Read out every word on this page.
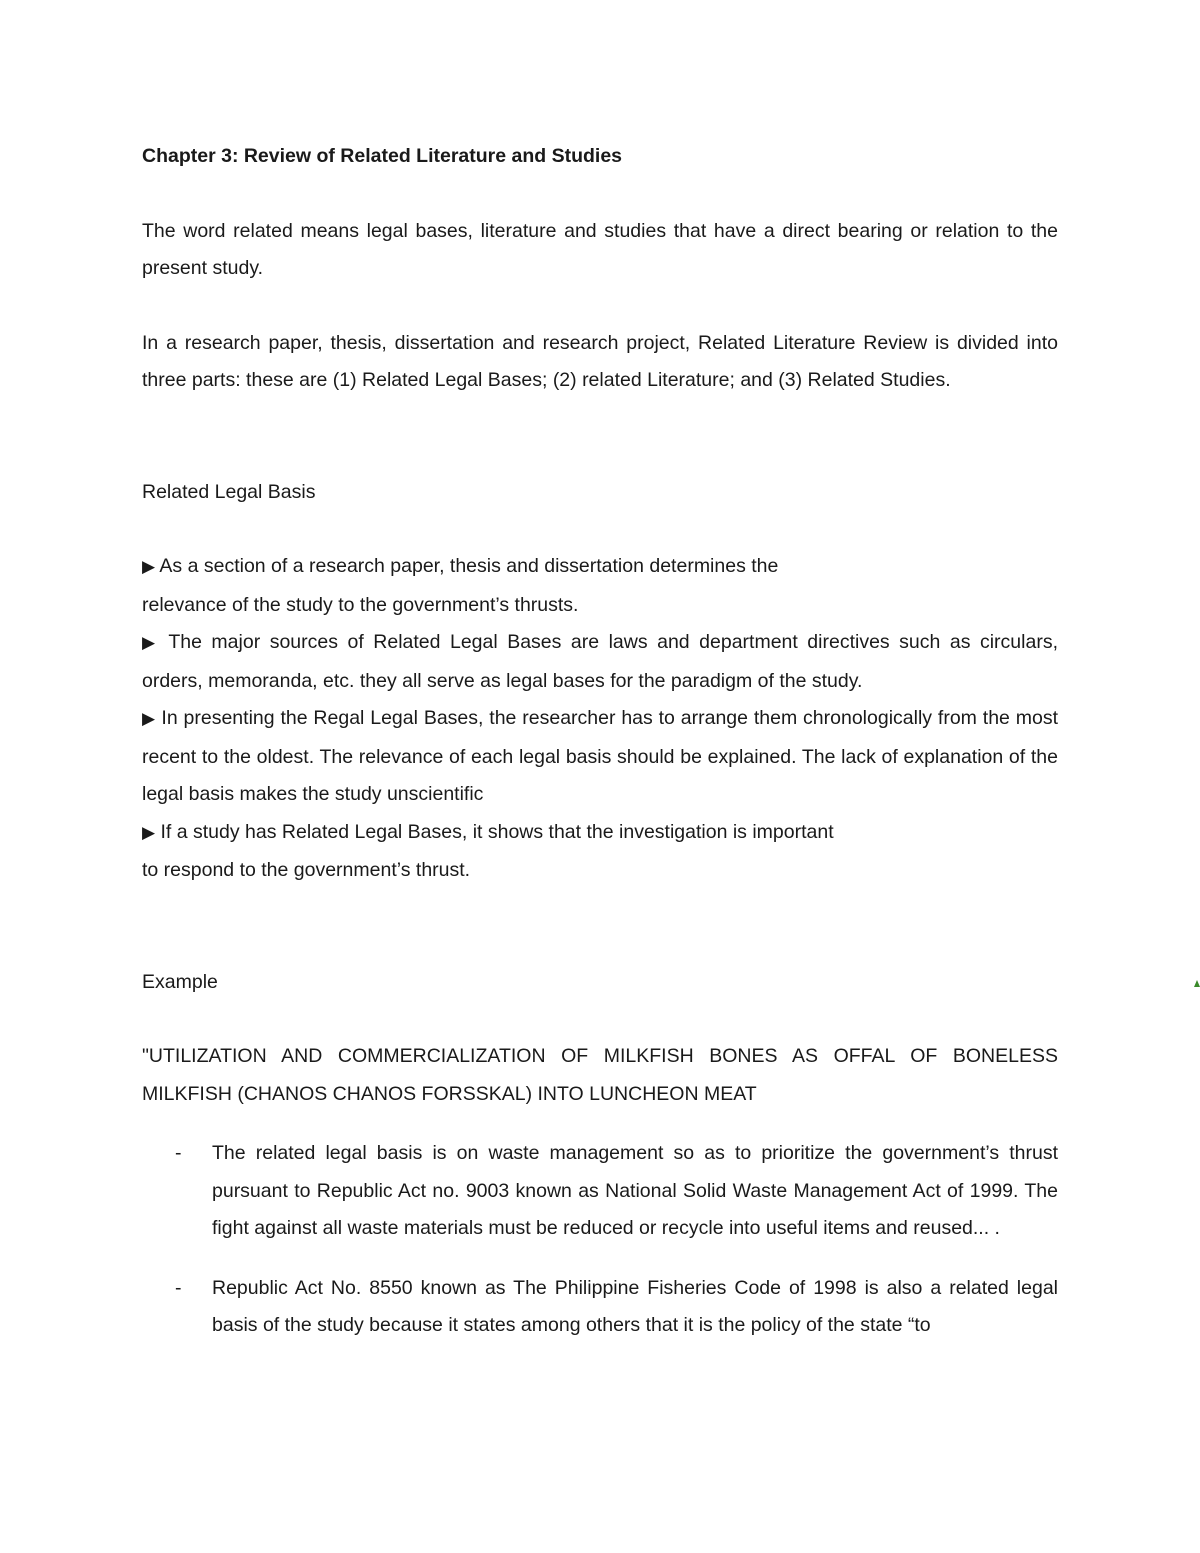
Chapter 3: Review of Related Literature and Studies

The word related means legal bases, literature and studies that have a direct bearing or relation to the present study.

In a research paper, thesis, dissertation and research project, Related Literature Review is divided into three parts: these are (1) Related Legal Bases; (2) related Literature; and (3) Related Studies.

Related Legal Basis

▶ As a section of a research paper, thesis and dissertation determines the
relevance of the study to the government’s thrusts.

▶ The major sources of Related Legal Bases are laws and department directives such as circulars, orders, memoranda, etc. they all serve as legal bases for the paradigm of the study.

▶ In presenting the Regal Legal Bases, the researcher has to arrange them chronologically from the most recent to the oldest. The relevance of each legal basis should be explained. The lack of explanation of the legal basis makes the study unscientific

▶ If a study has Related Legal Bases, it shows that the investigation is important
to respond to the government’s thrust.

Example

"UTILIZATION AND COMMERCIALIZATION OF MILKFISH BONES AS OFFAL OF BONELESS MILKFISH (CHANOS CHANOS FORSSKAL) INTO LUNCHEON MEAT

- The related legal basis is on waste management so as to prioritize the government’s thrust pursuant to Republic Act no. 9003 known as National Solid Waste Management Act of 1999. The fight against all waste materials must be reduced or recycle into useful items and reused... .
- Republic Act No. 8550 known as The Philippine Fisheries Code of 1998 is also a related legal basis of the study because it states among others that it is the policy of the state “to
